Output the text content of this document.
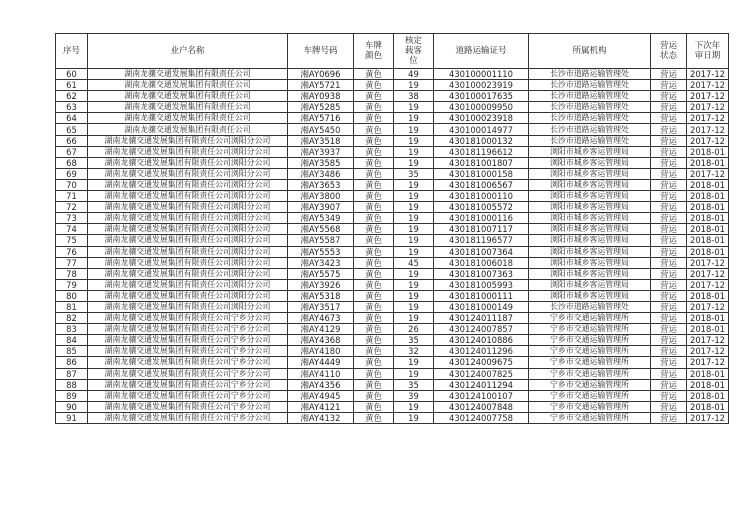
序号	业户名称	车牌号码	车牌颜色	核定载客位	道路运输证号	所属机构	营运状态	下次年审日期

60	湖南龙骧交通发展集团有限责任公司	湘AY0696	黄色	49	430100001110	长沙市道路运输管理处	营运	2017-12
61	湖南龙骧交通发展集团有限责任公司	湘AY5721	黄色	19	430100023919	长沙市道路运输管理处	营运	2017-12
62	湖南龙骧交通发展集团有限责任公司	湘AY0938	黄色	38	430100017635	长沙市道路运输管理处	营运	2017-12
63	湖南龙骧交通发展集团有限责任公司	湘AY5285	黄色	19	430100009950	长沙市道路运输管理处	营运	2017-12
64	湖南龙骧交通发展集团有限责任公司	湘AY5716	黄色	19	430100023918	长沙市道路运输管理处	营运	2017-12
65	湖南龙骧交通发展集团有限责任公司	湘AY5450	黄色	19	430100014977	长沙市道路运输管理处	营运	2017-12
66	湖南龙骧交通发展集团有限责任公司浏阳分公司	湘AY3518	黄色	19	430181000132	长沙市道路运输管理处	营运	2017-12
67	湖南龙骧交通发展集团有限责任公司浏阳分公司	湘AY3937	黄色	19	430181196612	浏阳市城乡客运管理局	营运	2018-01
68	湖南龙骧交通发展集团有限责任公司浏阳分公司	湘AY3585	黄色	19	430181001807	浏阳市城乡客运管理局	营运	2018-01
69	湖南龙骧交通发展集团有限责任公司浏阳分公司	湘AY3486	黄色	35	430181000158	浏阳市城乡客运管理局	营运	2017-12
70	湖南龙骧交通发展集团有限责任公司浏阳分公司	湘AY3653	黄色	19	430181006567	浏阳市城乡客运管理局	营运	2018-01
71	湖南龙骧交通发展集团有限责任公司浏阳分公司	湘AY3800	黄色	19	430181000110	浏阳市城乡客运管理局	营运	2018-01
72	湖南龙骧交通发展集团有限责任公司浏阳分公司	湘AY3907	黄色	19	430181005572	浏阳市城乡客运管理局	营运	2018-01
73	湖南龙骧交通发展集团有限责任公司浏阳分公司	湘AY5349	黄色	19	430181000116	浏阳市城乡客运管理局	营运	2018-01
74	湖南龙骧交通发展集团有限责任公司浏阳分公司	湘AY5568	黄色	19	430181007117	浏阳市城乡客运管理局	营运	2018-01
75	湖南龙骧交通发展集团有限责任公司浏阳分公司	湘AY5587	黄色	19	430181196577	浏阳市城乡客运管理局	营运	2018-01
76	湖南龙骧交通发展集团有限责任公司浏阳分公司	湘AY5553	黄色	19	430181007364	浏阳市城乡客运管理局	营运	2018-01
77	湖南龙骧交通发展集团有限责任公司浏阳分公司	湘AY3423	黄色	45	430181006018	浏阳市城乡客运管理局	营运	2017-12
78	湖南龙骧交通发展集团有限责任公司浏阳分公司	湘AY5575	黄色	19	430181007363	浏阳市城乡客运管理局	营运	2017-12
79	湖南龙骧交通发展集团有限责任公司浏阳分公司	湘AY3926	黄色	19	430181005993	浏阳市城乡客运管理局	营运	2017-12
80	湖南龙骧交通发展集团有限责任公司浏阳分公司	湘AY5318	黄色	19	430181000111	浏阳市城乡客运管理局	营运	2018-01
81	湖南龙骧交通发展集团有限责任公司浏阳分公司	湘AY3517	黄色	19	430181000149	长沙市道路运输管理处	营运	2017-12
82	湖南龙骧交通发展集团有限责任公司宁乡分公司	湘AY4673	黄色	19	430124011187	宁乡市交通运输管理所	营运	2018-01
83	湖南龙骧交通发展集团有限责任公司宁乡分公司	湘AY4129	黄色	26	430124007857	宁乡市交通运输管理所	营运	2018-01
84	湖南龙骧交通发展集团有限责任公司宁乡分公司	湘AY4368	黄色	35	430124010886	宁乡市交通运输管理所	营运	2017-12
85	湖南龙骧交通发展集团有限责任公司宁乡分公司	湘AY4180	黄色	32	430124011296	宁乡市交通运输管理所	营运	2017-12
86	湖南龙骧交通发展集团有限责任公司宁乡分公司	湘AY4449	黄色	19	430124009675	宁乡市交通运输管理所	营运	2017-12
87	湖南龙骧交通发展集团有限责任公司宁乡分公司	湘AY4110	黄色	19	430124007825	宁乡市交通运输管理所	营运	2018-01
88	湖南龙骧交通发展集团有限责任公司宁乡分公司	湘AY4356	黄色	35	430124011294	宁乡市交通运输管理所	营运	2018-01
89	湖南龙骧交通发展集团有限责任公司宁乡分公司	湘AY4945	黄色	39	430124100107	宁乡市交通运输管理所	营运	2018-01
90	湖南龙骧交通发展集团有限责任公司宁乡分公司	湘AY4121	黄色	19	430124007848	宁乡市交通运输管理所	营运	2018-01
91	湖南龙骧交通发展集团有限责任公司宁乡分公司	湘AY4132	黄色	19	430124007758	宁乡市交通运输管理所	营运	2017-12
